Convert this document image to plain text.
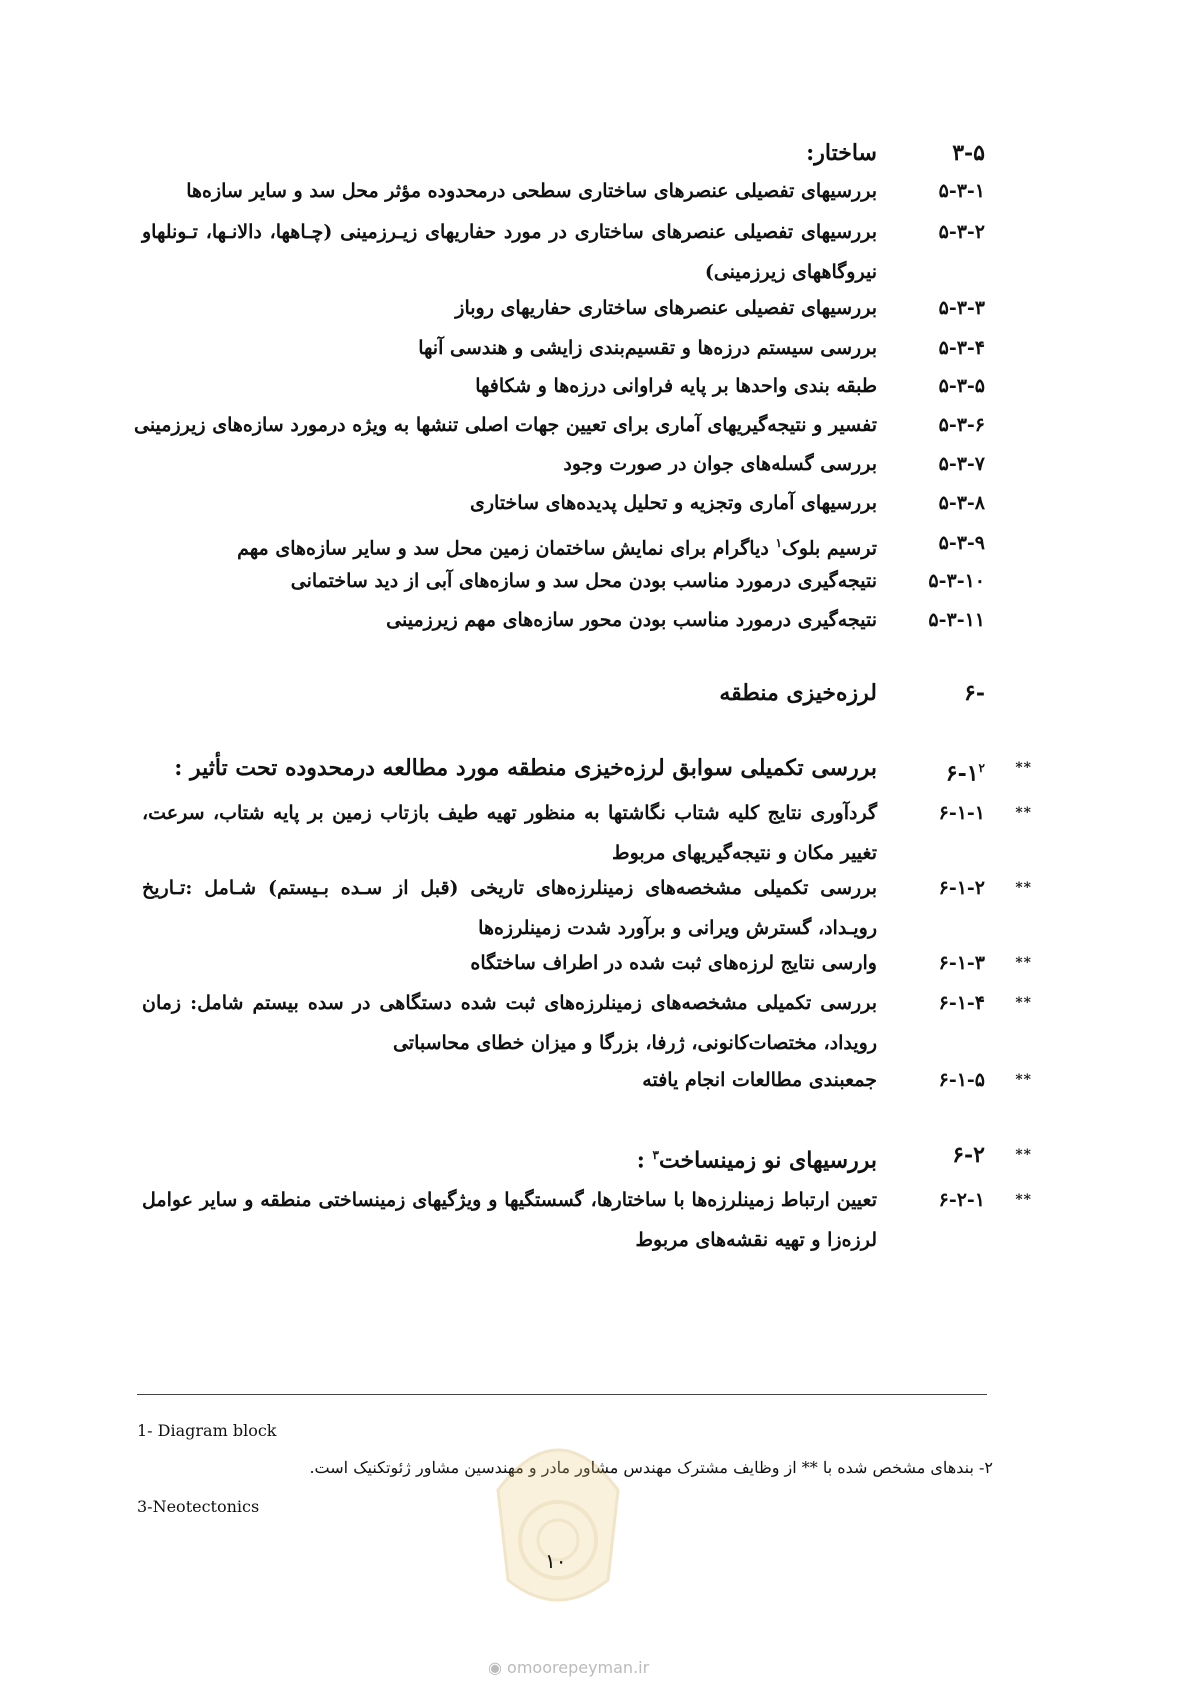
۳-۵
ساختار:
۵-۳-۱
بررسیهای تفصیلی عنصرهای ساختاری سطحی درمحدوده مؤثر محل سد و سایر سازه‌ها
۵-۳-۲
بررسیهای تفصیلی عنصرهای ساختاری در مورد حفاریهای زیـرزمینی (چـاهها، دالانـها، تـونلهاو نیروگاههای زیرزمینی)
۵-۳-۳
بررسیهای تفصیلی عنصرهای ساختاری حفاریهای روباز
۵-۳-۴
بررسی سیستم درزه‌ها و تقسیم‌بندی زایشی و هندسی آنها
۵-۳-۵
طبقه بندی واحدها بر پایه فراوانی درزه‌ها و شکافها
۵-۳-۶
تفسیر و نتیجه‌گیریهای آماری برای تعیین جهات اصلی تنشها به ویژه درمورد سازه‌های زیرزمینی
۵-۳-۷
بررسی گسله‌های جوان در صورت وجود
۵-۳-۸
بررسیهای آماری وتجزیه و تحلیل پدیده‌های ساختاری
۵-۳-۹
ترسیم بلوک$^۱$ دیاگرام برای نمایش ساختمان زمین محل سد و سایر سازه‌های مهم
۵-۳-۱۰
نتیجه‌گیری درمورد مناسب بودن محل سد و سازه‌های آبی از دید ساختمانی
۵-۳-۱۱
نتیجه‌گیری درمورد مناسب بودن محور سازه‌های مهم زیرزمینی
۶-
لرزه‌خیزی منطقه
**
$۶-۱^۲$
بررسی تکمیلی سوابق لرزه‌خیزی منطقه مورد مطالعه درمحدوده تحت تأثیر :
**
۶-۱-۱
گردآوری نتایج کلیه شتاب نگاشتها به منظور تهیه طیف بازتاب زمین بر پایه شتاب، سرعت، تغییر مکان و نتیجه‌گیریهای مربوط
**
۶-۱-۲
بررسی تکمیلی مشخصه‌های زمینلرزه‌های تاریخی (قبل از سـده بـیستم) شـامل :تـاریخ رویـداد، گسترش ویرانی و برآورد شدت زمینلرزه‌ها
**
۶-۱-۳
وارسی نتایج لرزه‌های ثبت شده در اطراف ساختگاه
**
۶-۱-۴
بررسی تکمیلی مشخصه‌های زمینلرزه‌های ثبت شده دستگاهی در سده بیستم شامل: زمان رویداد، مختصات‌کانونی، ژرفا، بزرگا و میزان خطای محاسباتی
**
۶-۱-۵
جمعبندی مطالعات انجام یافته
**
۶-۲
بررسیهای نو زمینساخت$^۳$ :
**
۶-۲-۱
تعیین ارتباط زمینلرزه‌ها با ساختارها، گسستگیها و ویژگیهای زمینساختی منطقه و سایر عوامل لرزه‌زا و تهیه نقشه‌های مربوط
1- Diagram block
۲- بندهای مشخص شده با ** از وظایف مشترک مهندس مشاور مادر و مهندسین مشاور ژئوتکنیک است.
3-Neotectonics
۱۰
◉ omoorepeyman.ir
